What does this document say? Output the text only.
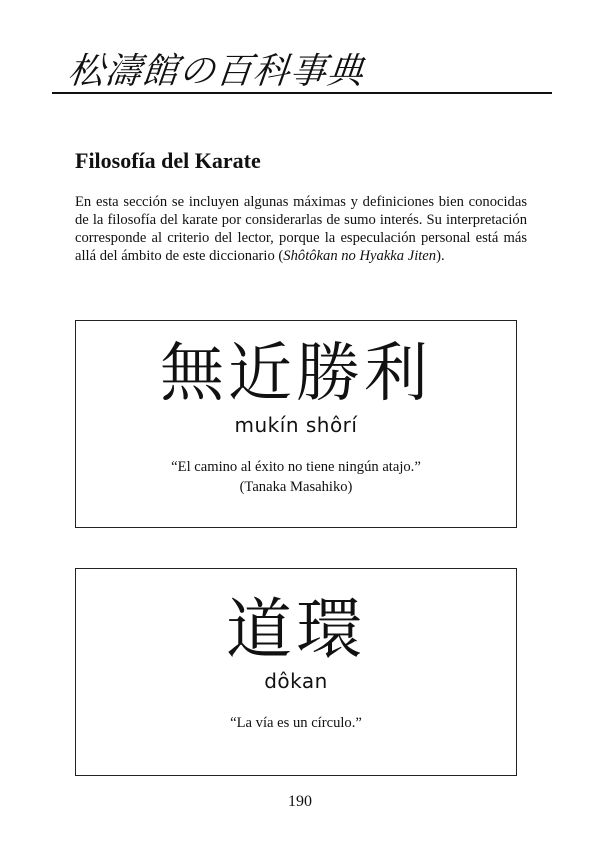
松濤館の百科事典
Filosofía del Karate

En esta sección se incluyen algunas máximas y definiciones bien conocidas de la filosofía del karate por considerarlas de sumo interés. Su interpretación corresponde al criterio del lector, porque la especulación personal está más allá del ámbito de este diccionario (Shôtôkan no Hyakka Jiten).

無近勝利
mukín shôrí
“El camino al éxito no tiene ningún atajo.”
(Tanaka Masahiko)
道環
dôkan
“La vía es un círculo.”
190
